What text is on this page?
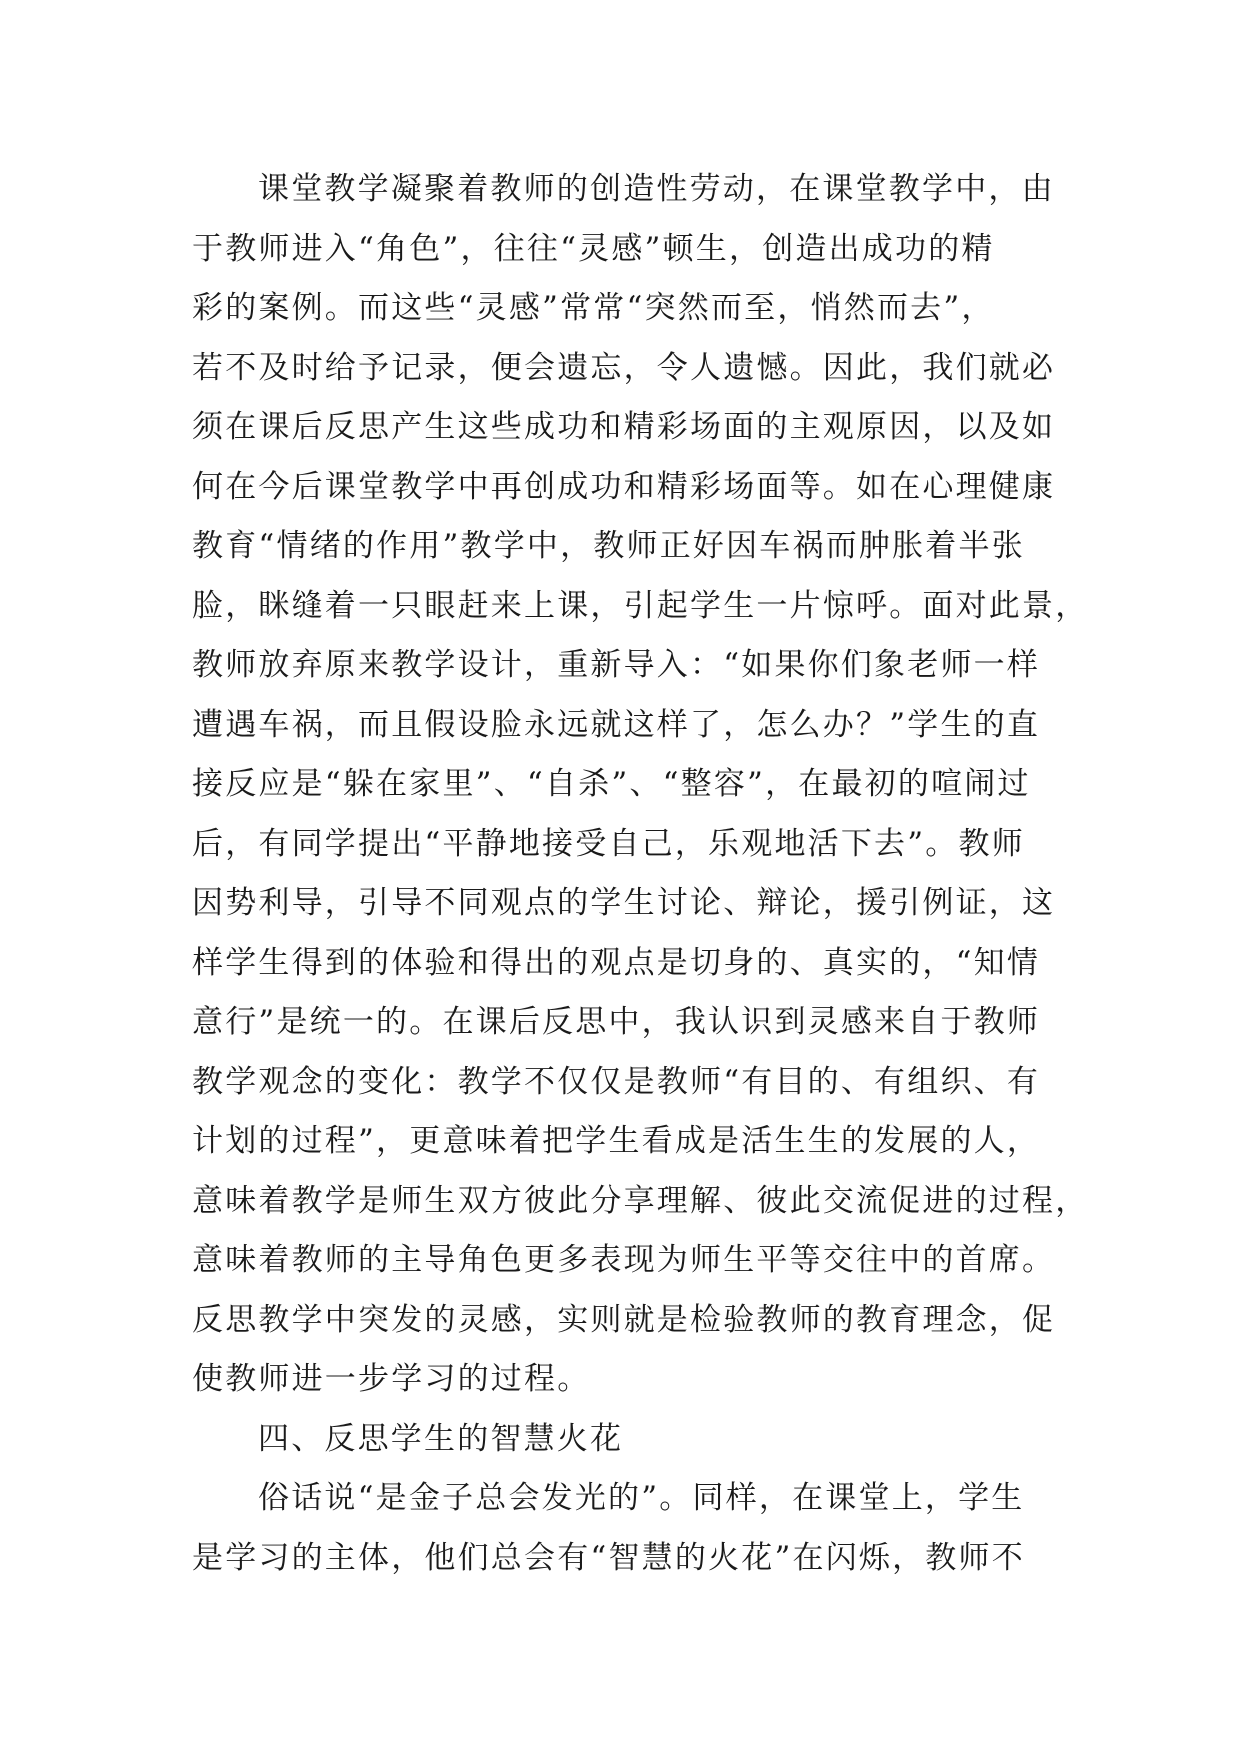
课堂教学凝聚着教师的创造性劳动，在课堂教学中，由
于教师进入“角色”，往往“灵感”顿生，创造出成功的精
彩的案例。而这些“灵感”常常“突然而至，悄然而去”，
若不及时给予记录，便会遗忘，令人遗憾。因此，我们就必
须在课后反思产生这些成功和精彩场面的主观原因，以及如
何在今后课堂教学中再创成功和精彩场面等。如在心理健康
教育“情绪的作用”教学中，教师正好因车祸而肿胀着半张
脸，眯缝着一只眼赶来上课，引起学生一片惊呼。面对此景，
教师放弃原来教学设计，重新导入：“如果你们象老师一样
遭遇车祸，而且假设脸永远就这样了，怎么办？”学生的直
接反应是“躲在家里”、“自杀”、“整容”，在最初的喧闹过
后，有同学提出“平静地接受自己，乐观地活下去”。教师
因势利导，引导不同观点的学生讨论、辩论，援引例证，这
样学生得到的体验和得出的观点是切身的、真实的，“知情
意行”是统一的。在课后反思中，我认识到灵感来自于教师
教学观念的变化：教学不仅仅是教师“有目的、有组织、有
计划的过程”，更意味着把学生看成是活生生的发展的人，
意味着教学是师生双方彼此分享理解、彼此交流促进的过程，
意味着教师的主导角色更多表现为师生平等交往中的首席。
反思教学中突发的灵感，实则就是检验教师的教育理念，促
使教师进一步学习的过程。
四、反思学生的智慧火花
俗话说“是金子总会发光的”。同样，在课堂上，学生
是学习的主体，他们总会有“智慧的火花”在闪烁，教师不
